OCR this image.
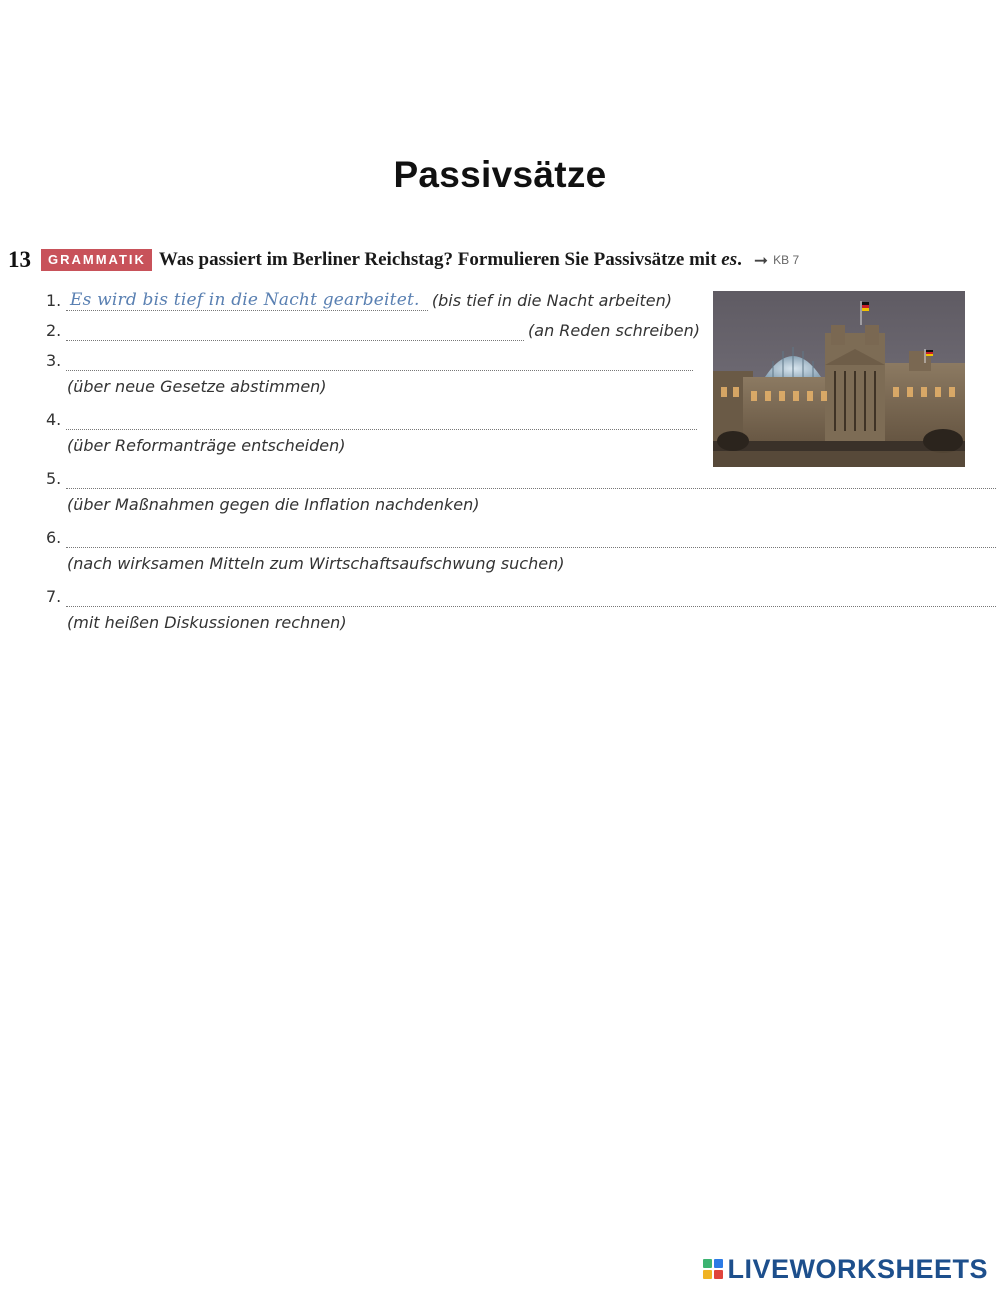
Passivsätze
13	GRAMMATIK Was passiert im Berliner Reichstag? Formulieren Sie Passivsätze mit es. ➞ KB 7
1. Es wird bis tief in die Nacht gearbeitet. (bis tief in die Nacht arbeiten)
2.	(an Reden schreiben)
3.
(über neue Gesetze abstimmen)
4.
(über Reformanträge entscheiden)
5.
(über Maßnahmen gegen die Inflation nachdenken)
6.
(nach wirksamen Mitteln zum Wirtschaftsaufschwung suchen)
7.
(mit heißen Diskussionen rechnen)
LIVEWORKSHEETS
